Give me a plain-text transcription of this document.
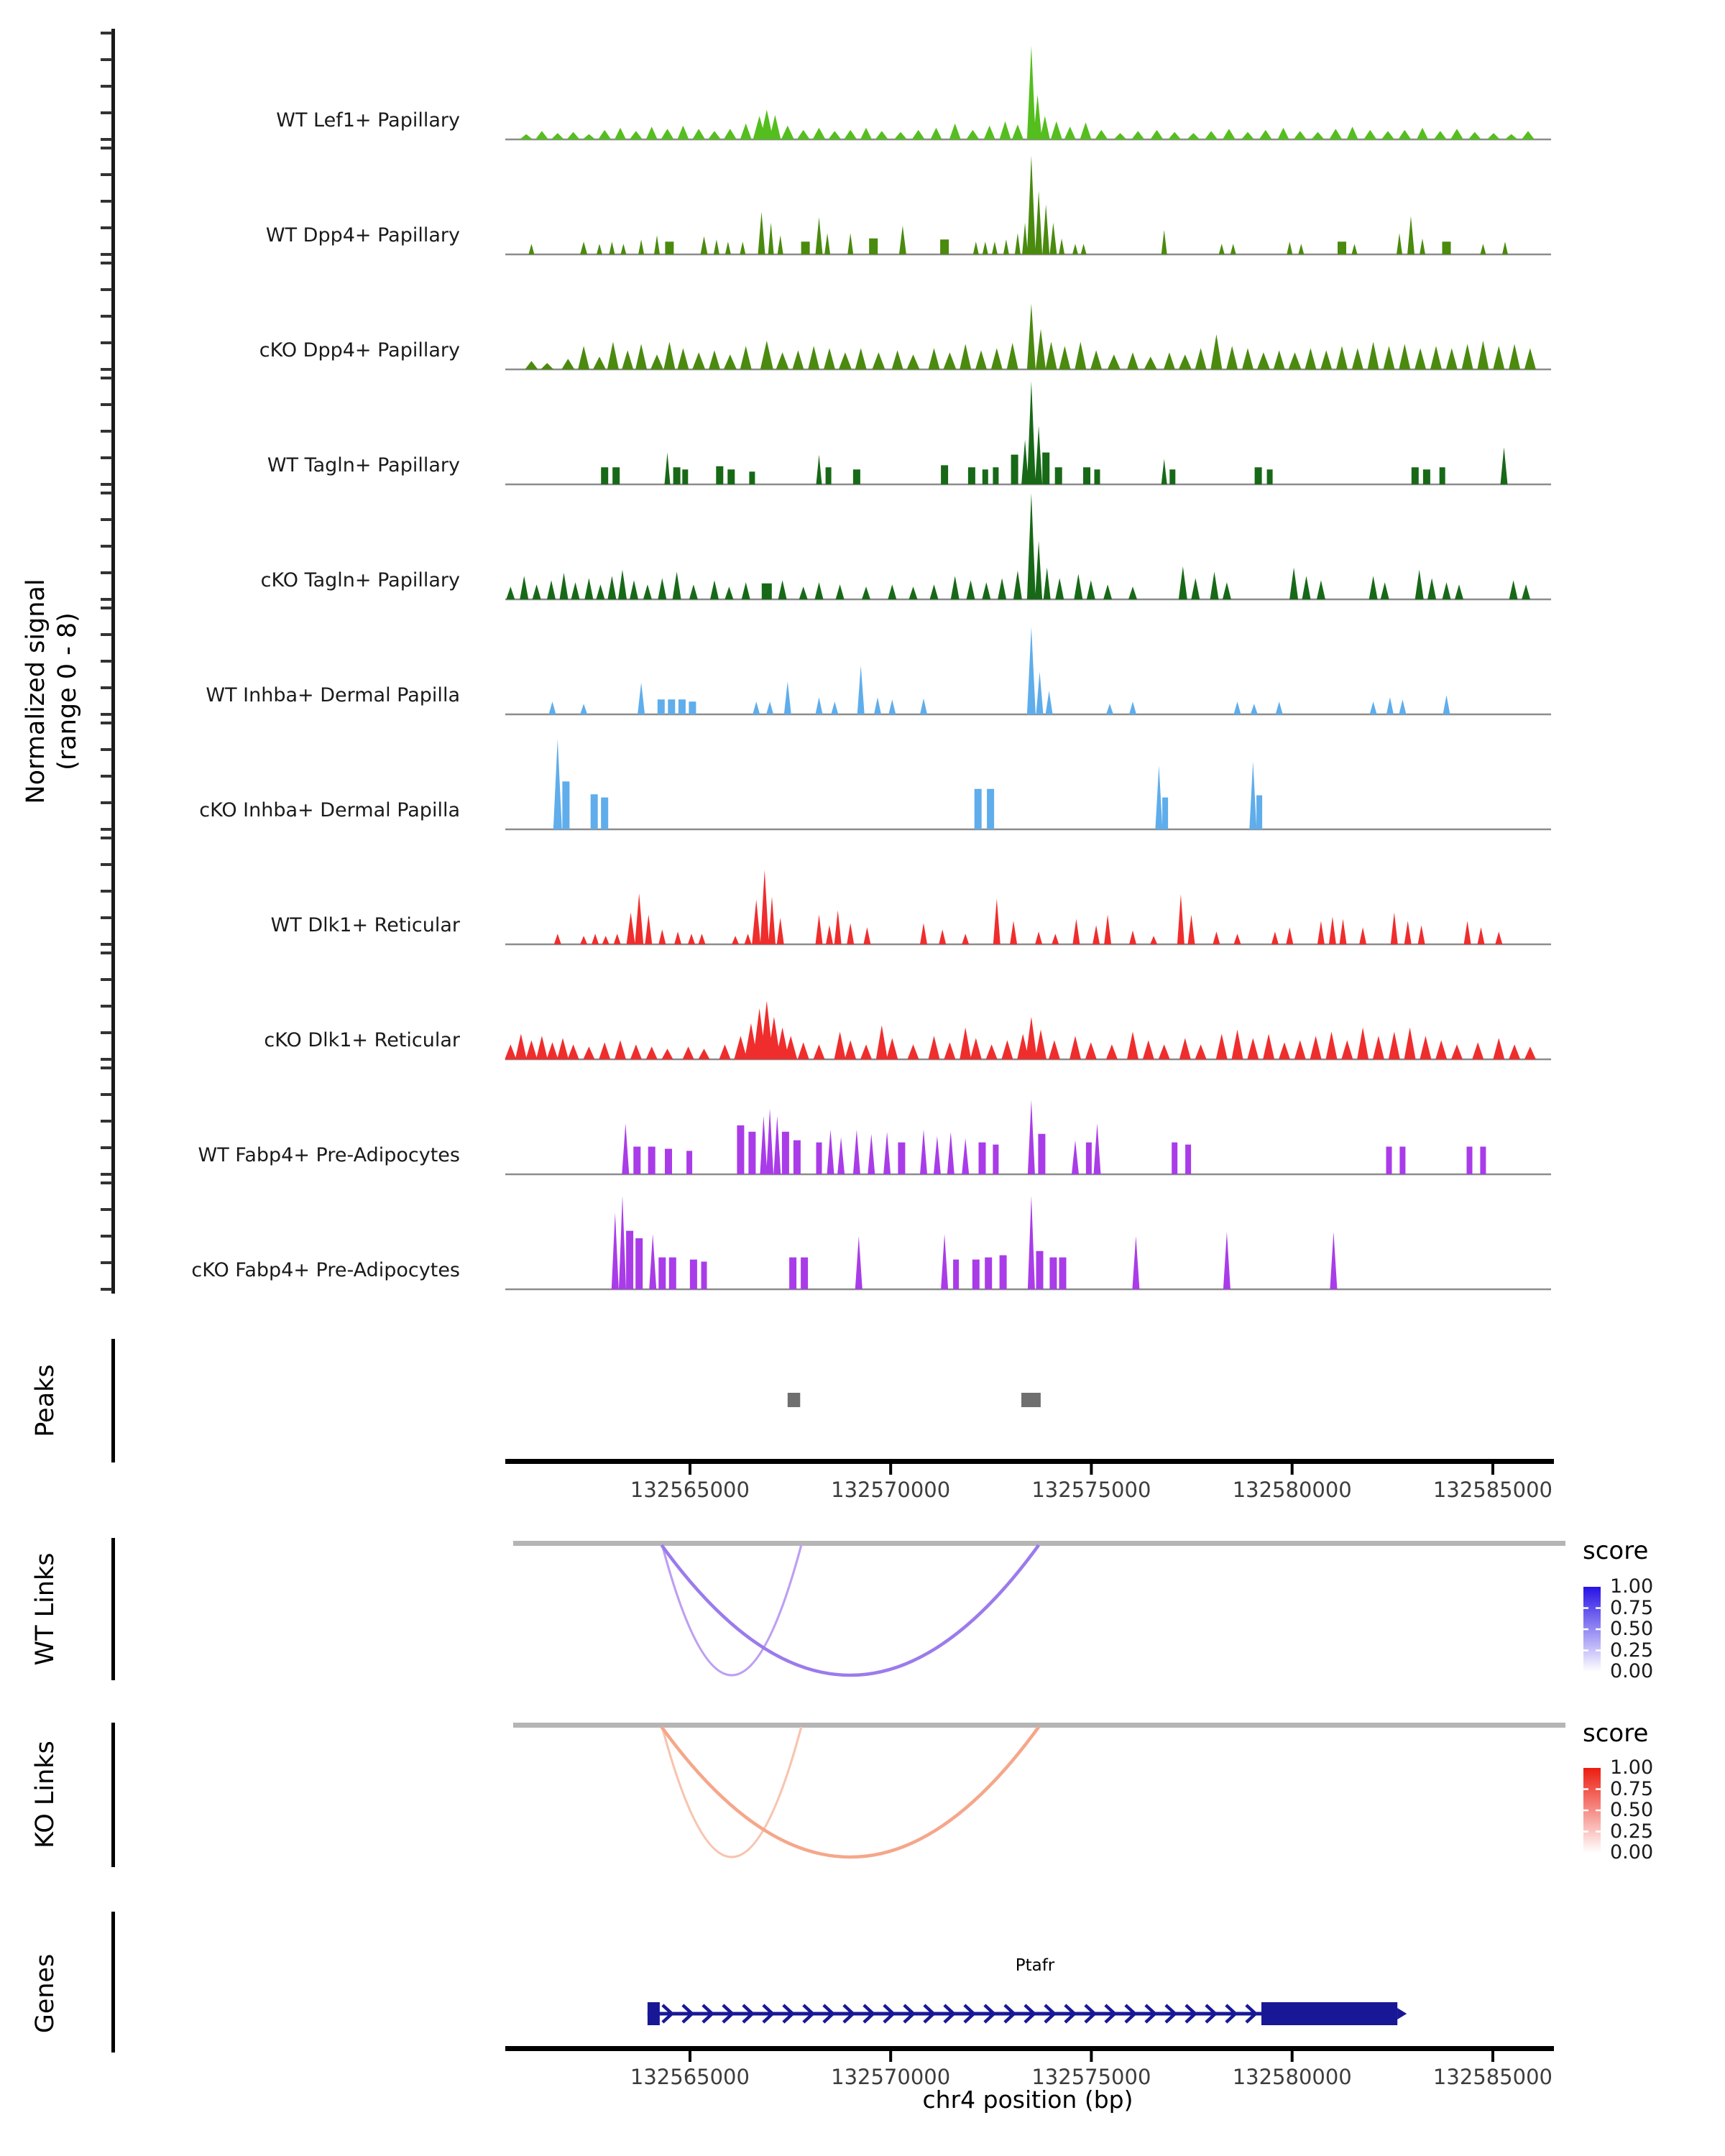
Normalized signal (range 0 - 8)
Peaks
WT Links
KO Links
Genes
score
score
Ptafr
chr4 position (bp)
WT Lef1+ Papillary
WT Dpp4+ Papillary
cKO Dpp4+ Papillary
WT Tagln+ Papillary
cKO Tagln+ Papillary
WT Inhba+ Dermal Papilla
cKO Inhba+ Dermal Papilla
WT Dlk1+ Reticular
cKO Dlk1+ Reticular
WT Fabp4+ Pre-Adipocytes
cKO Fabp4+ Pre-Adipocytes
132565000
132565000
132570000
132570000
132575000
132575000
132580000
132580000
132585000
132585000
1.00
0.75
0.50
0.25
0.00
1.00
0.75
0.50
0.25
0.00
